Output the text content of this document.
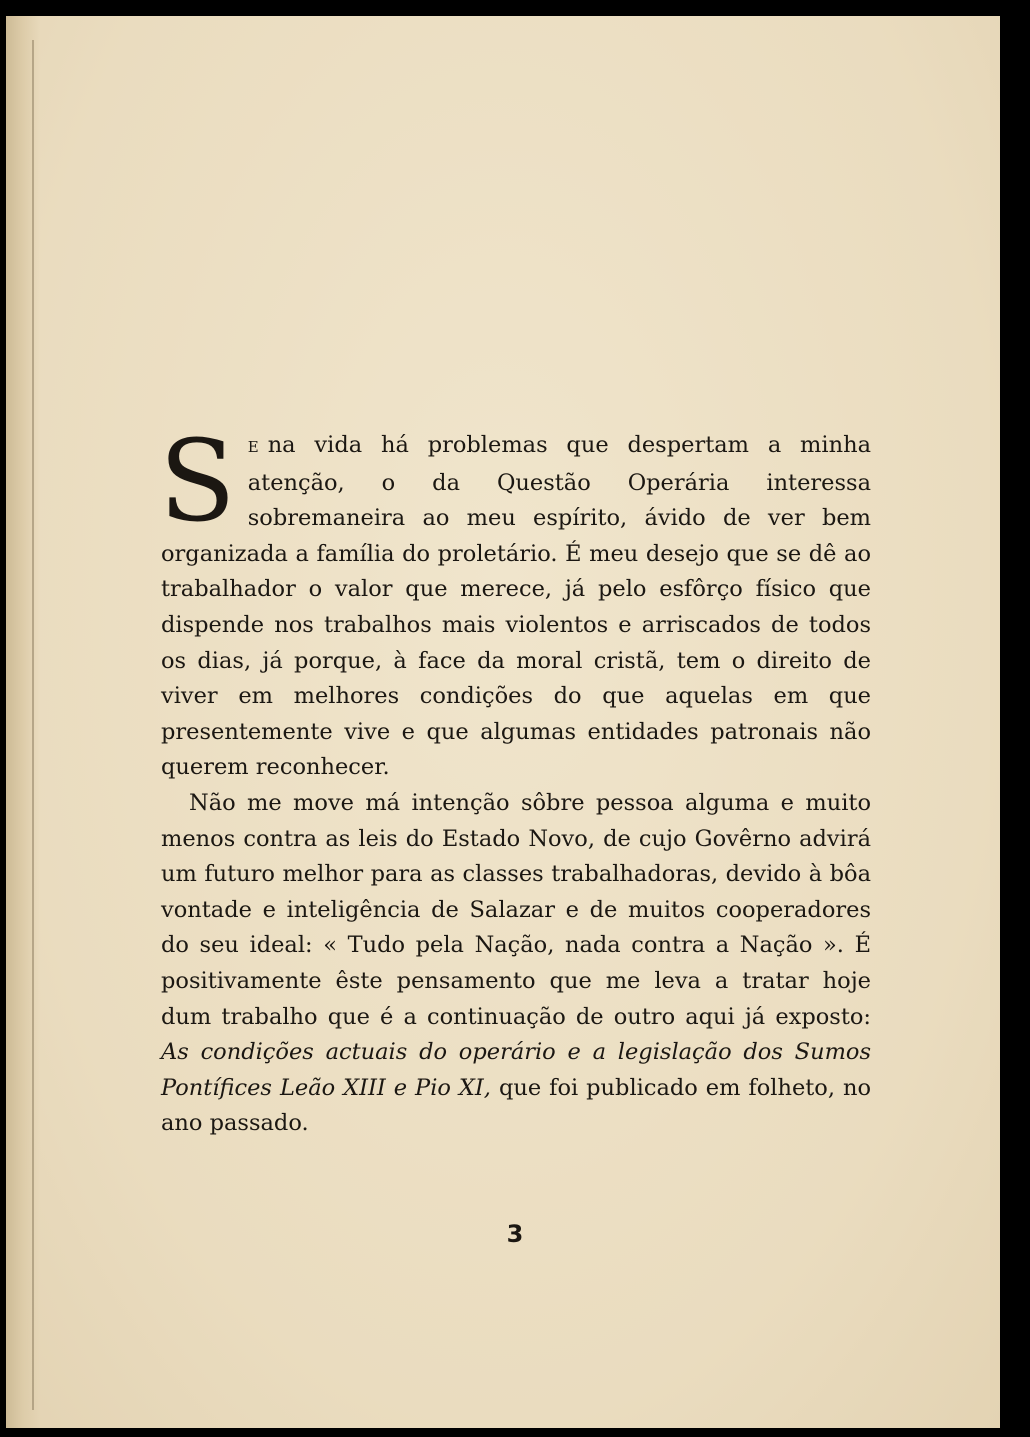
S E na vida há problemas que despertam a minha atenção, o da Questão Operária interessa sobremaneira ao meu espírito, ávido de ver bem organizada a família do proletário. É meu desejo que se dê ao trabalhador o valor que merece, já pelo esfôrço físico que dispende nos trabalhos mais violentos e arriscados de todos os dias, já porque, à face da moral cristã, tem o direito de viver em melhores condições do que aquelas em que presentemente vive e que algumas entidades patronais não querem reconhecer.

Não me move má intenção sôbre pessoa alguma e muito menos contra as leis do Estado Novo, de cujo Govêrno advirá um futuro melhor para as classes trabalhadoras, devido à bôa vontade e inteligência de Salazar e de muitos cooperadores do seu ideal: « Tudo pela Nação, nada contra a Nação ». É positivamente êste pensamento que me leva a tratar hoje dum trabalho que é a continuação de outro aqui já exposto: As condições actuais do operário e a legislação dos Sumos Pontífices Leão XIII e Pio XI, que foi publicado em folheto, no ano passado.

3
